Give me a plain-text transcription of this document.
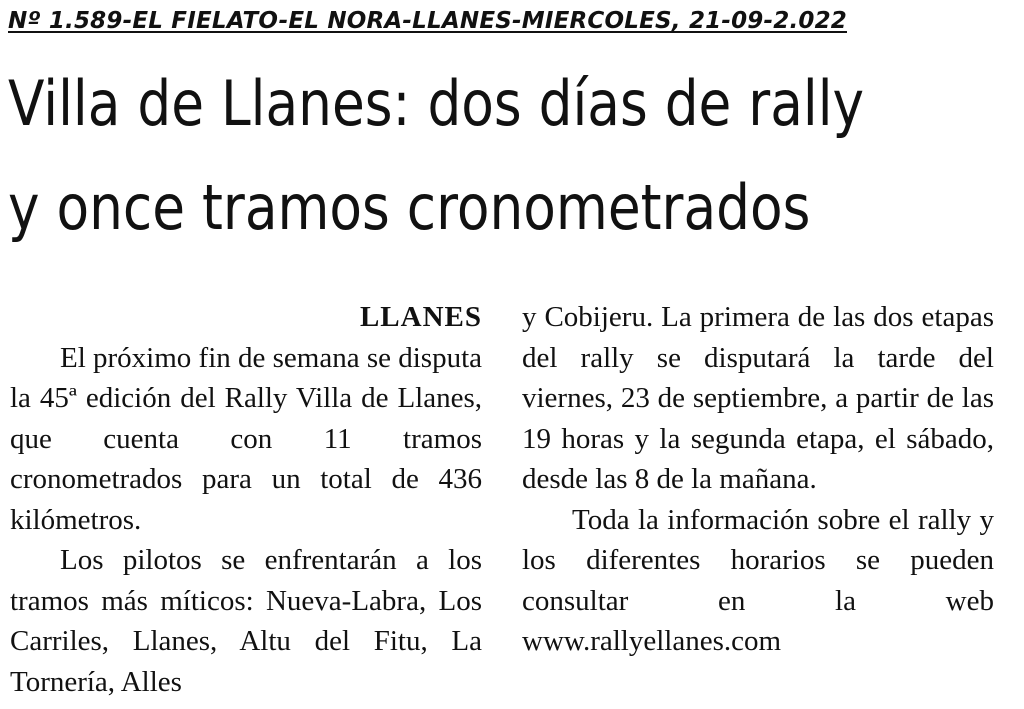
Nº 1.589-EL FIELATO-EL NORA-LLANES-MIERCOLES, 21-09-2.022
Villa de Llanes: dos días de rally
y once tramos cronometrados
LLANES

El próximo fin de semana se disputa la 45ª edición del Rally Villa de Llanes, que cuenta con 11 tramos cronometrados para un total de 436 kilómetros.

Los pilotos se enfrentarán a los tramos más míticos: Nueva-Labra, Los Carriles, Llanes, Altu del Fitu, La Tornería, Alles

y Cobijeru. La primera de las dos etapas del rally se disputará la tarde del viernes, 23 de septiembre, a partir de las 19 horas y la segunda etapa, el sábado, desde las 8 de la mañana.

Toda la información sobre el rally y los diferentes horarios se pueden consultar en la web www.rallyellanes.com
